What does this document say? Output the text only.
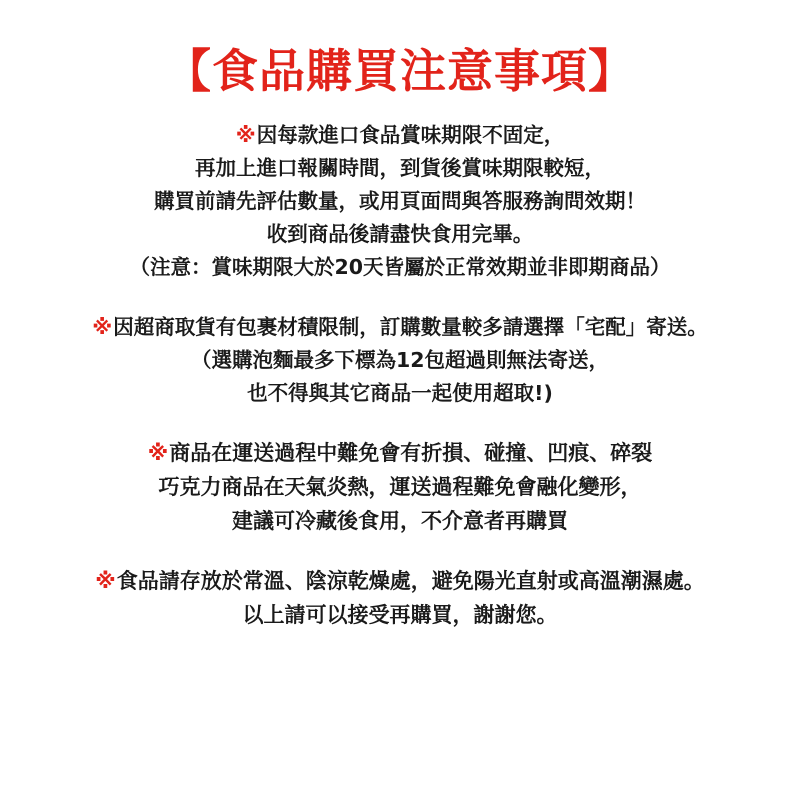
【食品購買注意事項】
※ 因每款進口食品賞味期限不固定，
再加上進口報關時間，到貨後賞味期限較短，
購買前請先評估數量，或用頁面問與答服務詢問效期！
收到商品後請盡快食用完畢。
（注意：賞味期限大於20天皆屬於正常效期並非即期商品）
※ 因超商取貨有包裹材積限制，訂購數量較多請選擇「宅配」寄送。
（選購泡麵最多下標為12包超過則無法寄送，
也不得與其它商品一起使用超取!)
※ 商品在運送過程中難免會有折損、碰撞、凹痕、碎裂
巧克力商品在天氣炎熱，運送過程難免會融化變形，
建議可冷藏後食用，不介意者再購買
※ 食品請存放於常溫、陰涼乾燥處，避免陽光直射或高溫潮濕處。
以上請可以接受再購買，謝謝您。
